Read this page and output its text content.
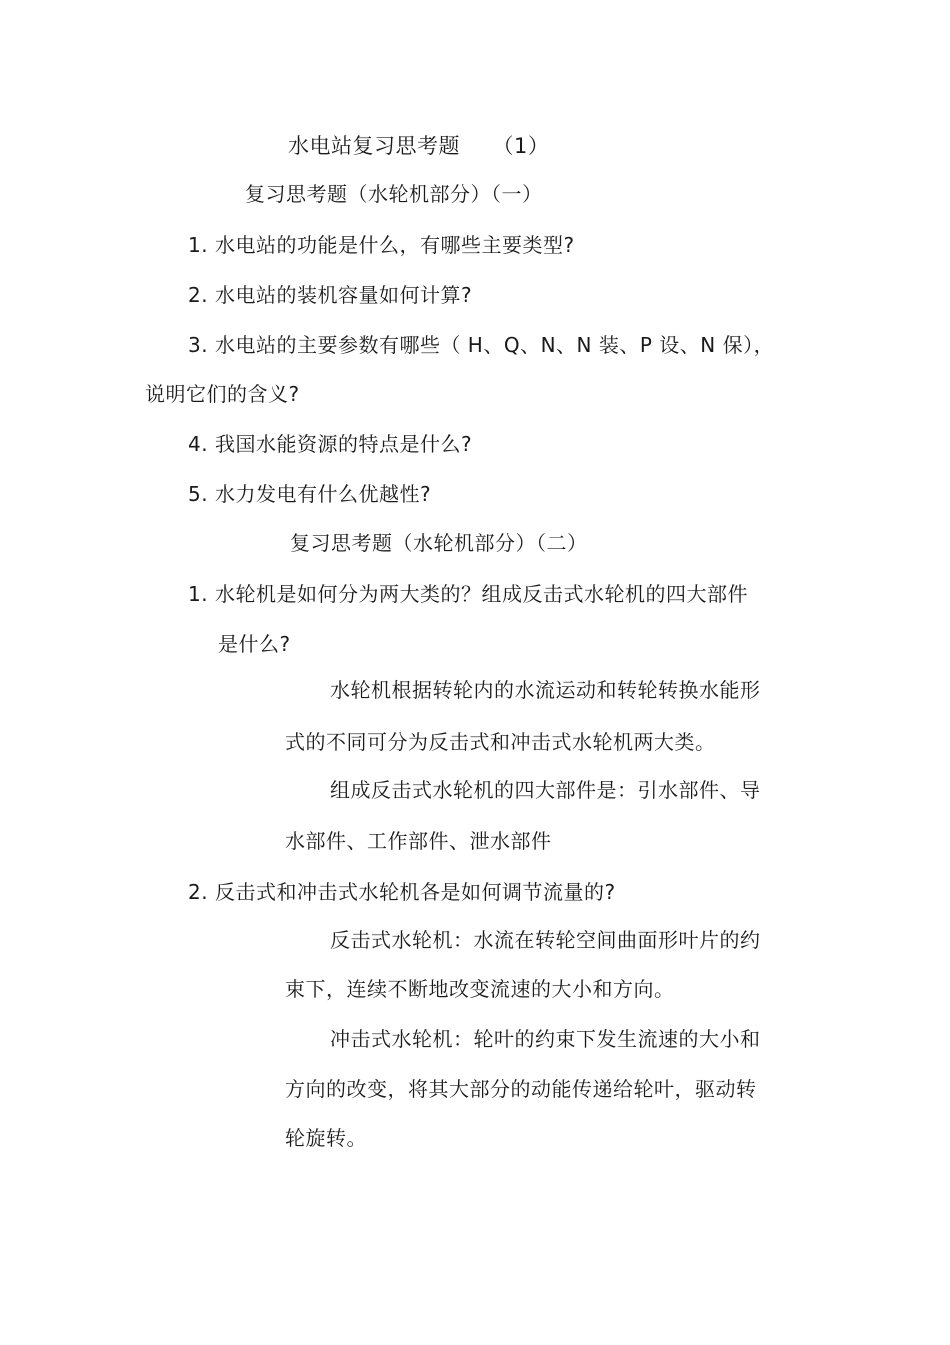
水电站复习思考题　　（1）
复习思考题（水轮机部分）（一）
1. 水电站的功能是什么，有哪些主要类型?
2. 水电站的装机容量如何计算?
3. 水电站的主要参数有哪些（ H、Q、N、N 装、P 设、N 保），
说明它们的含义?
4. 我国水能资源的特点是什么?
5. 水力发电有什么优越性?
复习思考题（水轮机部分）（二）
1. 水轮机是如何分为两大类的？组成反击式水轮机的四大部件
是什么?
水轮机根据转轮内的水流运动和转轮转换水能形
式的不同可分为反击式和冲击式水轮机两大类。
组成反击式水轮机的四大部件是：引水部件、导
水部件、工作部件、泄水部件
2. 反击式和冲击式水轮机各是如何调节流量的?
反击式水轮机：水流在转轮空间曲面形叶片的约
束下，连续不断地改变流速的大小和方向。
冲击式水轮机：轮叶的约束下发生流速的大小和
方向的改变，将其大部分的动能传递给轮叶，驱动转
轮旋转。
